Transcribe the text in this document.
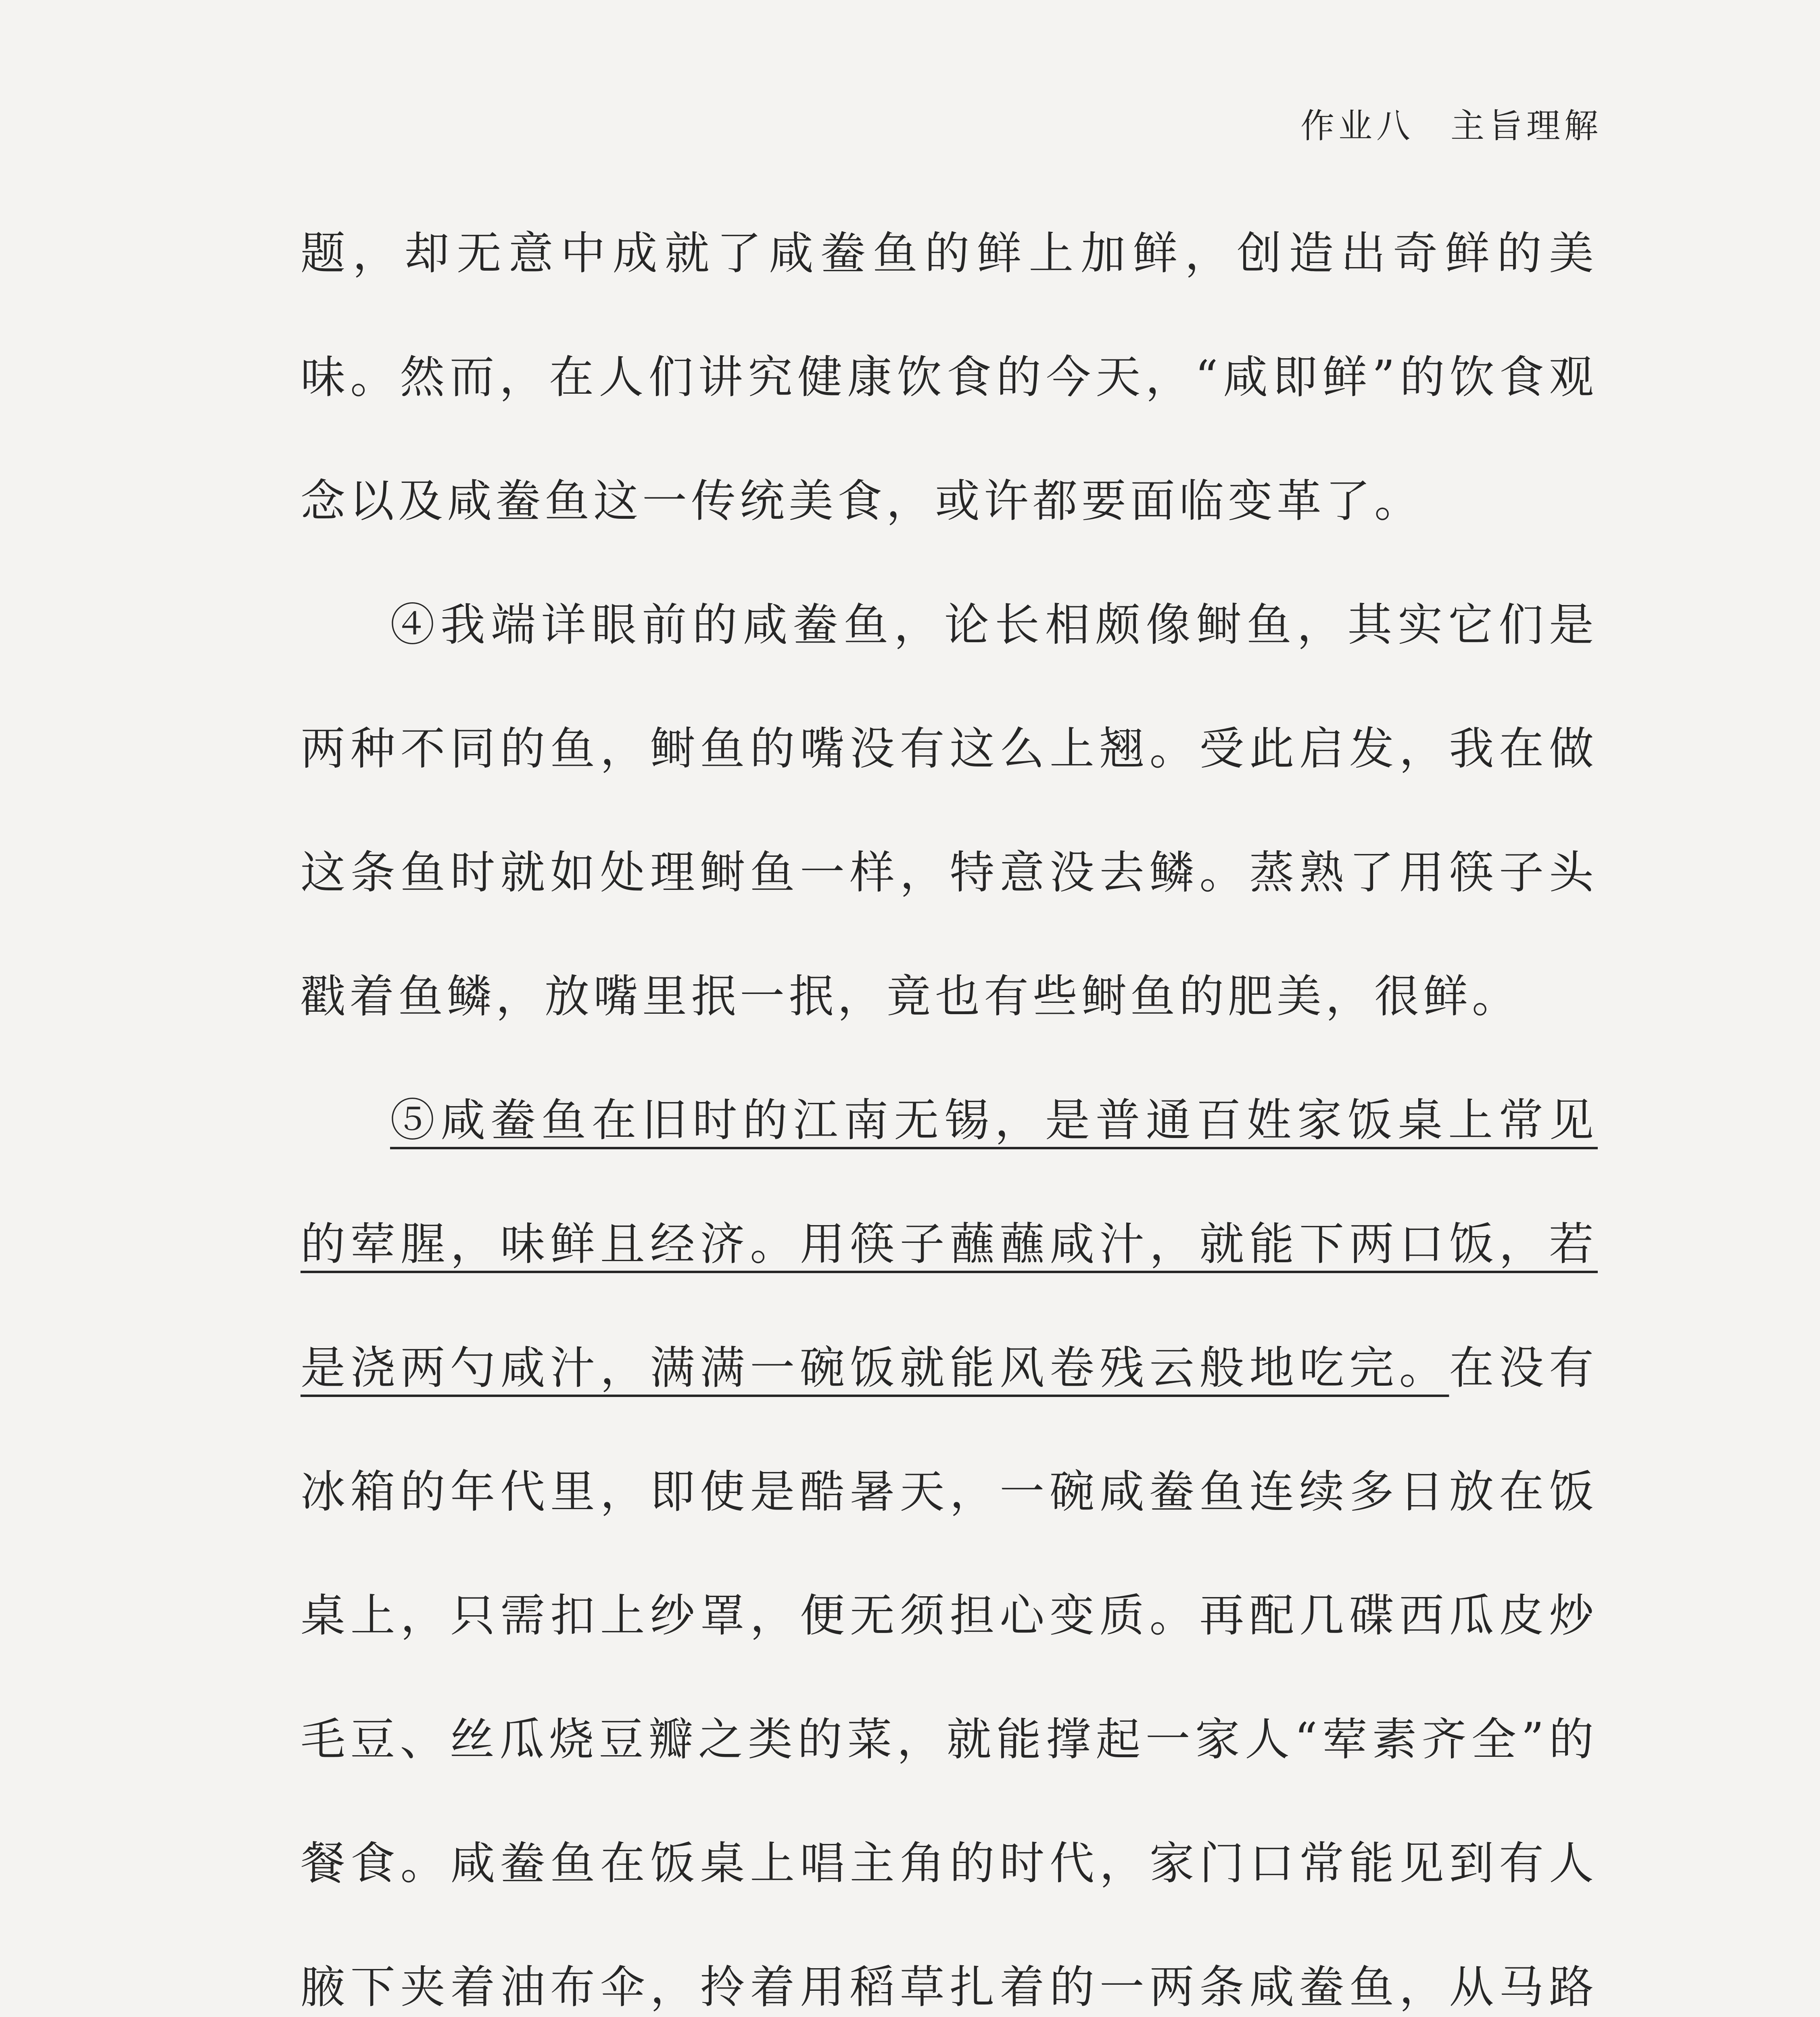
作业八 主旨理解

题，却无意中成就了咸鲞鱼的鲜上加鲜，创造出奇鲜的美味。然而，在人们讲究健康饮食的今天，“咸即鲜”的饮食观念以及咸鲞鱼这一传统美食，或许都要面临变革了。

④我端详眼前的咸鲞鱼，论长相颇像鲥鱼，其实它们是两种不同的鱼，鲥鱼的嘴没有这么上翘。受此启发，我在做这条鱼时就如处理鲥鱼一样，特意没去鳞。蒸熟了用筷子头戳着鱼鳞，放嘴里抿一抿，竟也有些鲥鱼的肥美，很鲜。

⑤咸鲞鱼在旧时的江南无锡，是普通百姓家饭桌上常见的荤腥，味鲜且经济。用筷子蘸蘸咸汁，就能下两口饭，若是浇两勺咸汁，满满一碗饭就能风卷残云般地吃完。在没有冰箱的年代里，即使是酷暑天，一碗咸鲞鱼连续多日放在饭桌上，只需扣上纱罩，便无须担心变质。再配几碟西瓜皮炒毛豆、丝瓜烧豆瓣之类的菜，就能撑起一家人“荤素齐全”的餐食。咸鲞鱼在饭桌上唱主角的时代，家门口常能见到有人腋下夹着油布伞，拎着用稻草扎着的一两条咸鲞鱼，从马路
